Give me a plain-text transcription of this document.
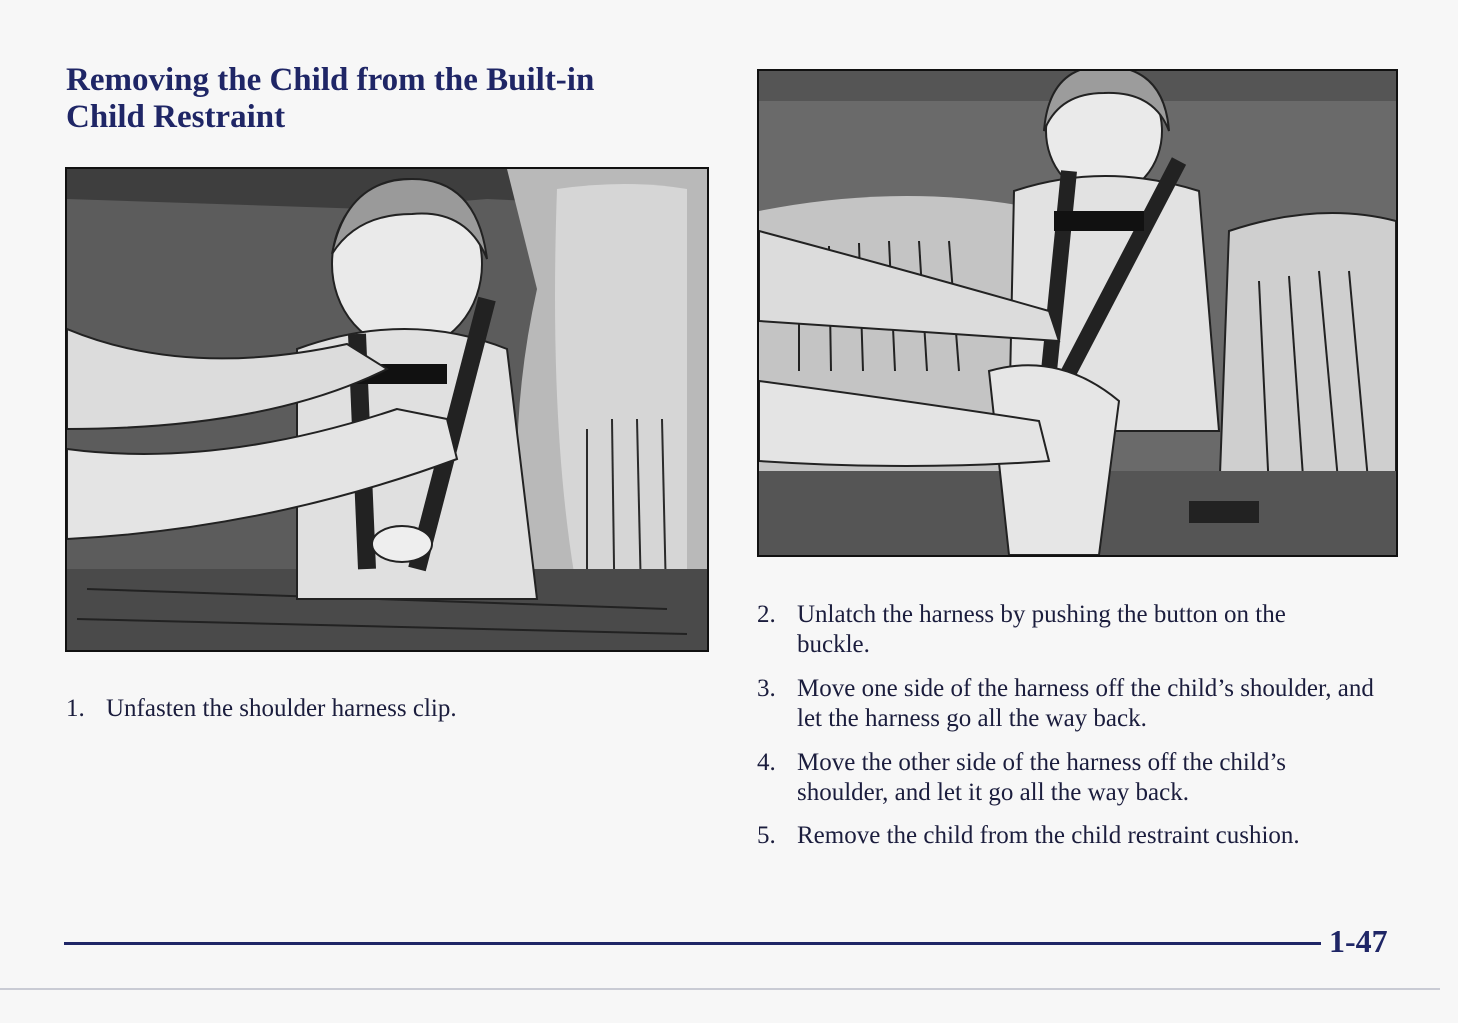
Removing the Child from the Built-in Child Restraint

1. Unfasten the shoulder harness clip.

2. Unlatch the harness by pushing the button on the buckle.

3. Move one side of the harness off the child’s shoulder, and let the harness go all the way back.

4. Move the other side of the harness off the child’s shoulder, and let it go all the way back.

5. Remove the child from the child restraint cushion.

1-47
